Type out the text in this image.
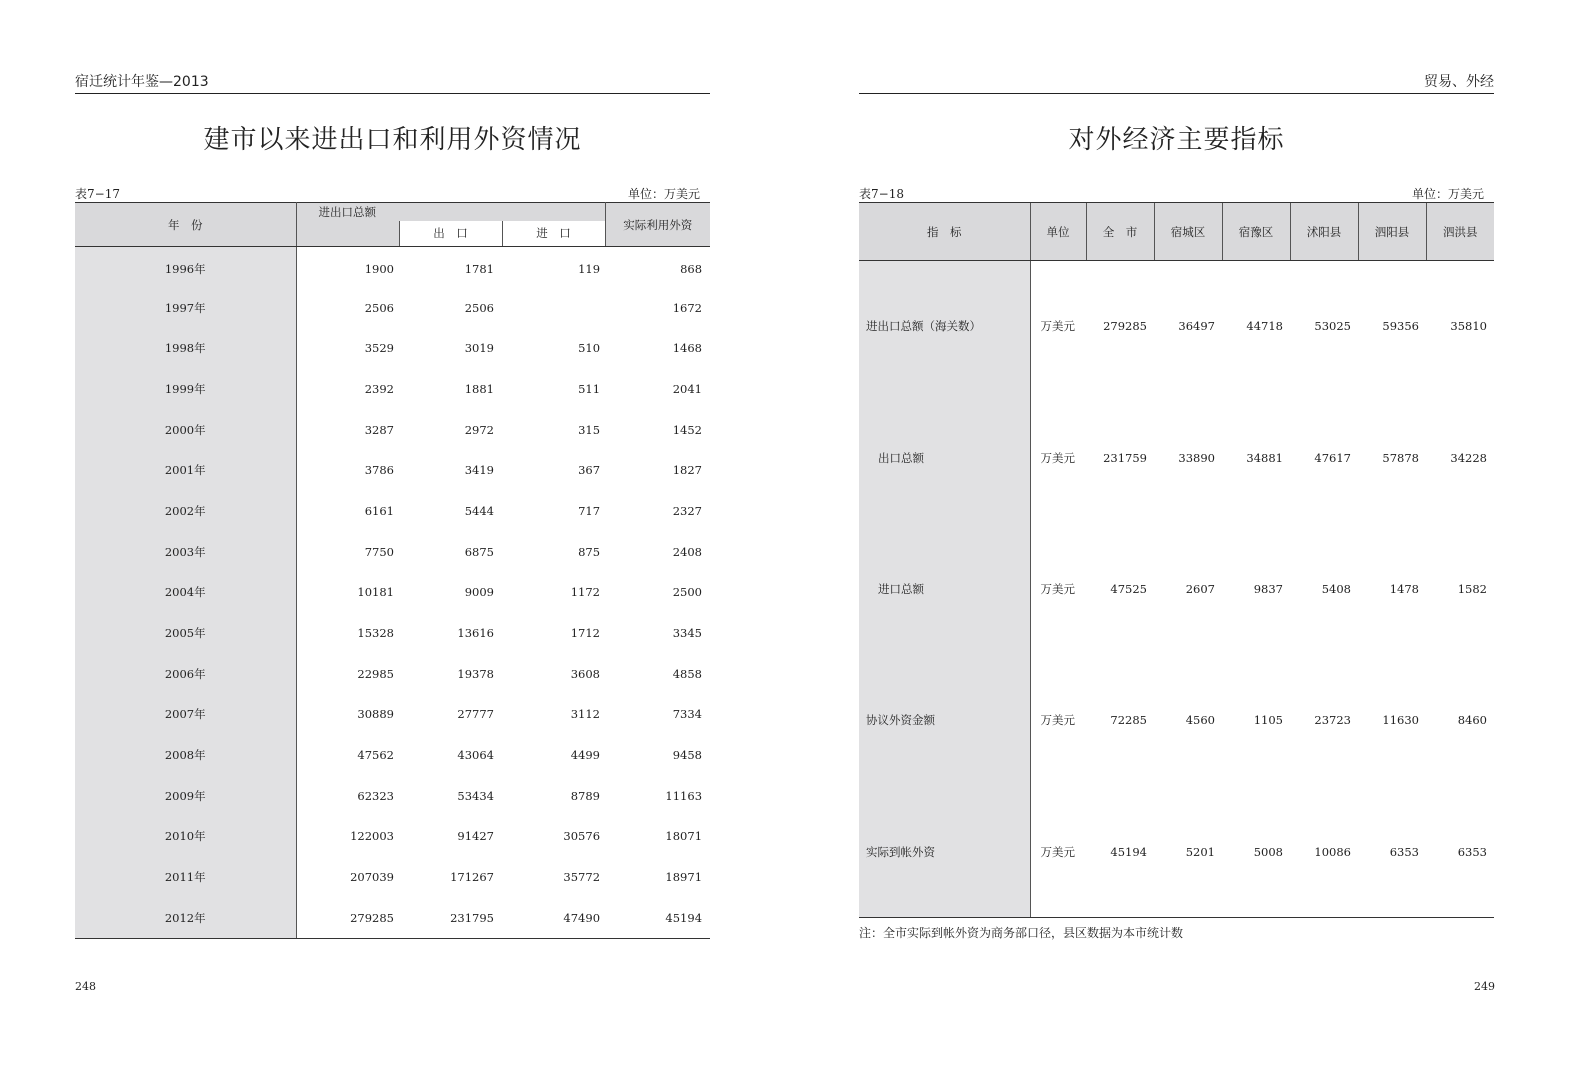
宿迁统计年鉴—2013
建市以来进出口和利用外资情况
表7−17	单位：万美元
年　份	进出口总额			实际利用外资
		出　口	进　口	
1996年	1900	1781	119	868
1997年	2506	2506		1672
1998年	3529	3019	510	1468
1999年	2392	1881	511	2041
2000年	3287	2972	315	1452
2001年	3786	3419	367	1827
2002年	6161	5444	717	2327
2003年	7750	6875	875	2408
2004年	10181	9009	1172	2500
2005年	15328	13616	1712	3345
2006年	22985	19378	3608	4858
2007年	30889	27777	3112	7334
2008年	47562	43064	4499	9458
2009年	62323	53434	8789	11163
2010年	122003	91427	30576	18071
2011年	207039	171267	35772	18971
2012年	279285	231795	47490	45194
248
贸易、外经
对外经济主要指标
表7−18	单位：万美元
指　标	单位	全　市	宿城区	宿豫区	沭阳县	泗阳县	泗洪县
进出口总额（海关数）	万美元	279285	36497	44718	53025	59356	35810
出口总额	万美元	231759	33890	34881	47617	57878	34228
进口总额	万美元	47525	2607	9837	5408	1478	1582
协议外资金额	万美元	72285	4560	1105	23723	11630	8460
实际到帐外资	万美元	45194	5201	5008	10086	6353	6353
注：全市实际到帐外资为商务部口径，县区数据为本市统计数
249
